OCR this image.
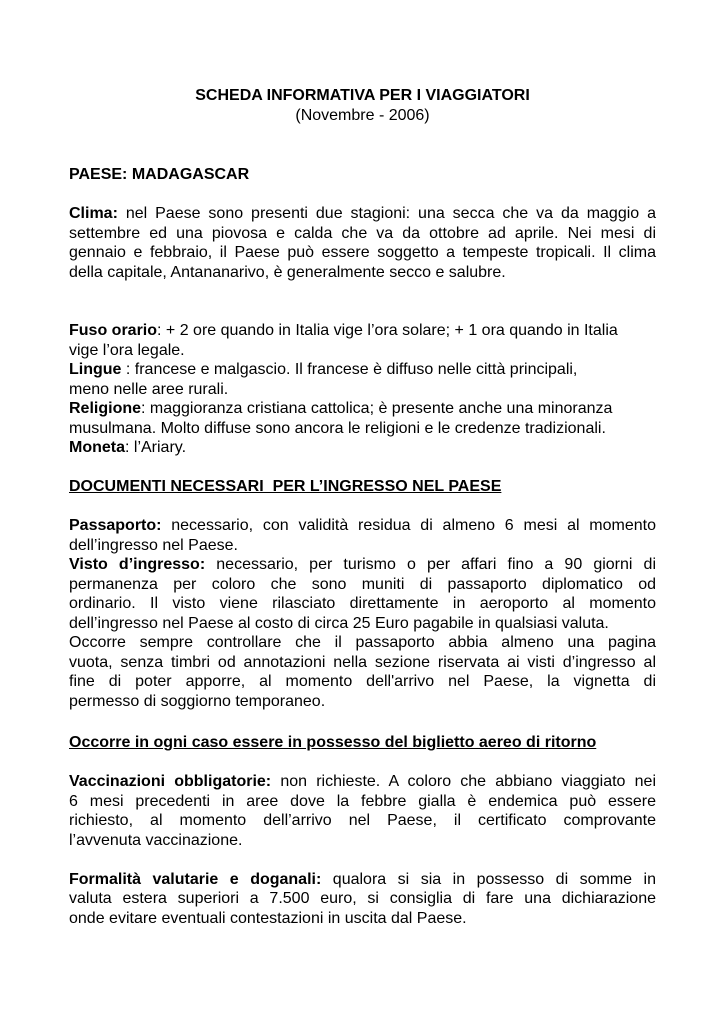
SCHEDA INFORMATIVA PER I VIAGGIATORI

(Novembre - 2006)

PAESE: MADAGASCAR

Clima: nel Paese sono presenti due stagioni: una secca che va da maggio a

settembre ed una piovosa e calda che va da ottobre ad aprile. Nei mesi di

gennaio e febbraio, il Paese può essere soggetto a tempeste tropicali. Il clima

della capitale, Antananarivo, è generalmente secco e salubre.

Fuso orario: + 2 ore quando in Italia vige l’ora solare; + 1 ora quando in Italia

vige l’ora legale.

Lingue : francese e malgascio. Il francese è diffuso nelle città principali,

meno nelle aree rurali.

Religione: maggioranza cristiana cattolica; è presente anche una minoranza

musulmana. Molto diffuse sono ancora le religioni e le credenze tradizionali.

Moneta: l’Ariary.

DOCUMENTI NECESSARI  PER L’INGRESSO NEL PAESE

Passaporto: necessario, con validità residua di almeno 6 mesi al momento

dell’ingresso nel Paese.

Visto d’ingresso: necessario, per turismo o per affari fino a 90 giorni di

permanenza per coloro che sono muniti di passaporto diplomatico od

ordinario. Il visto viene rilasciato direttamente in aeroporto al momento

dell’ingresso nel Paese al costo di circa 25 Euro pagabile in qualsiasi valuta.

Occorre sempre controllare che il passaporto abbia almeno una pagina

vuota, senza timbri od annotazioni nella sezione riservata ai visti d’ingresso al

fine di poter apporre, al momento dell'arrivo nel Paese, la vignetta di

permesso di soggiorno temporaneo.

Occorre in ogni caso essere in possesso del biglietto aereo di ritorno

Vaccinazioni obbligatorie: non richieste. A coloro che abbiano viaggiato nei

6 mesi precedenti in aree dove la febbre gialla è endemica può essere

richiesto, al momento dell’arrivo nel Paese, il certificato comprovante

l’avvenuta vaccinazione.

Formalità valutarie e doganali: qualora si sia in possesso di somme in

valuta estera superiori a 7.500 euro, si consiglia di fare una dichiarazione

onde evitare eventuali contestazioni in uscita dal Paese.
